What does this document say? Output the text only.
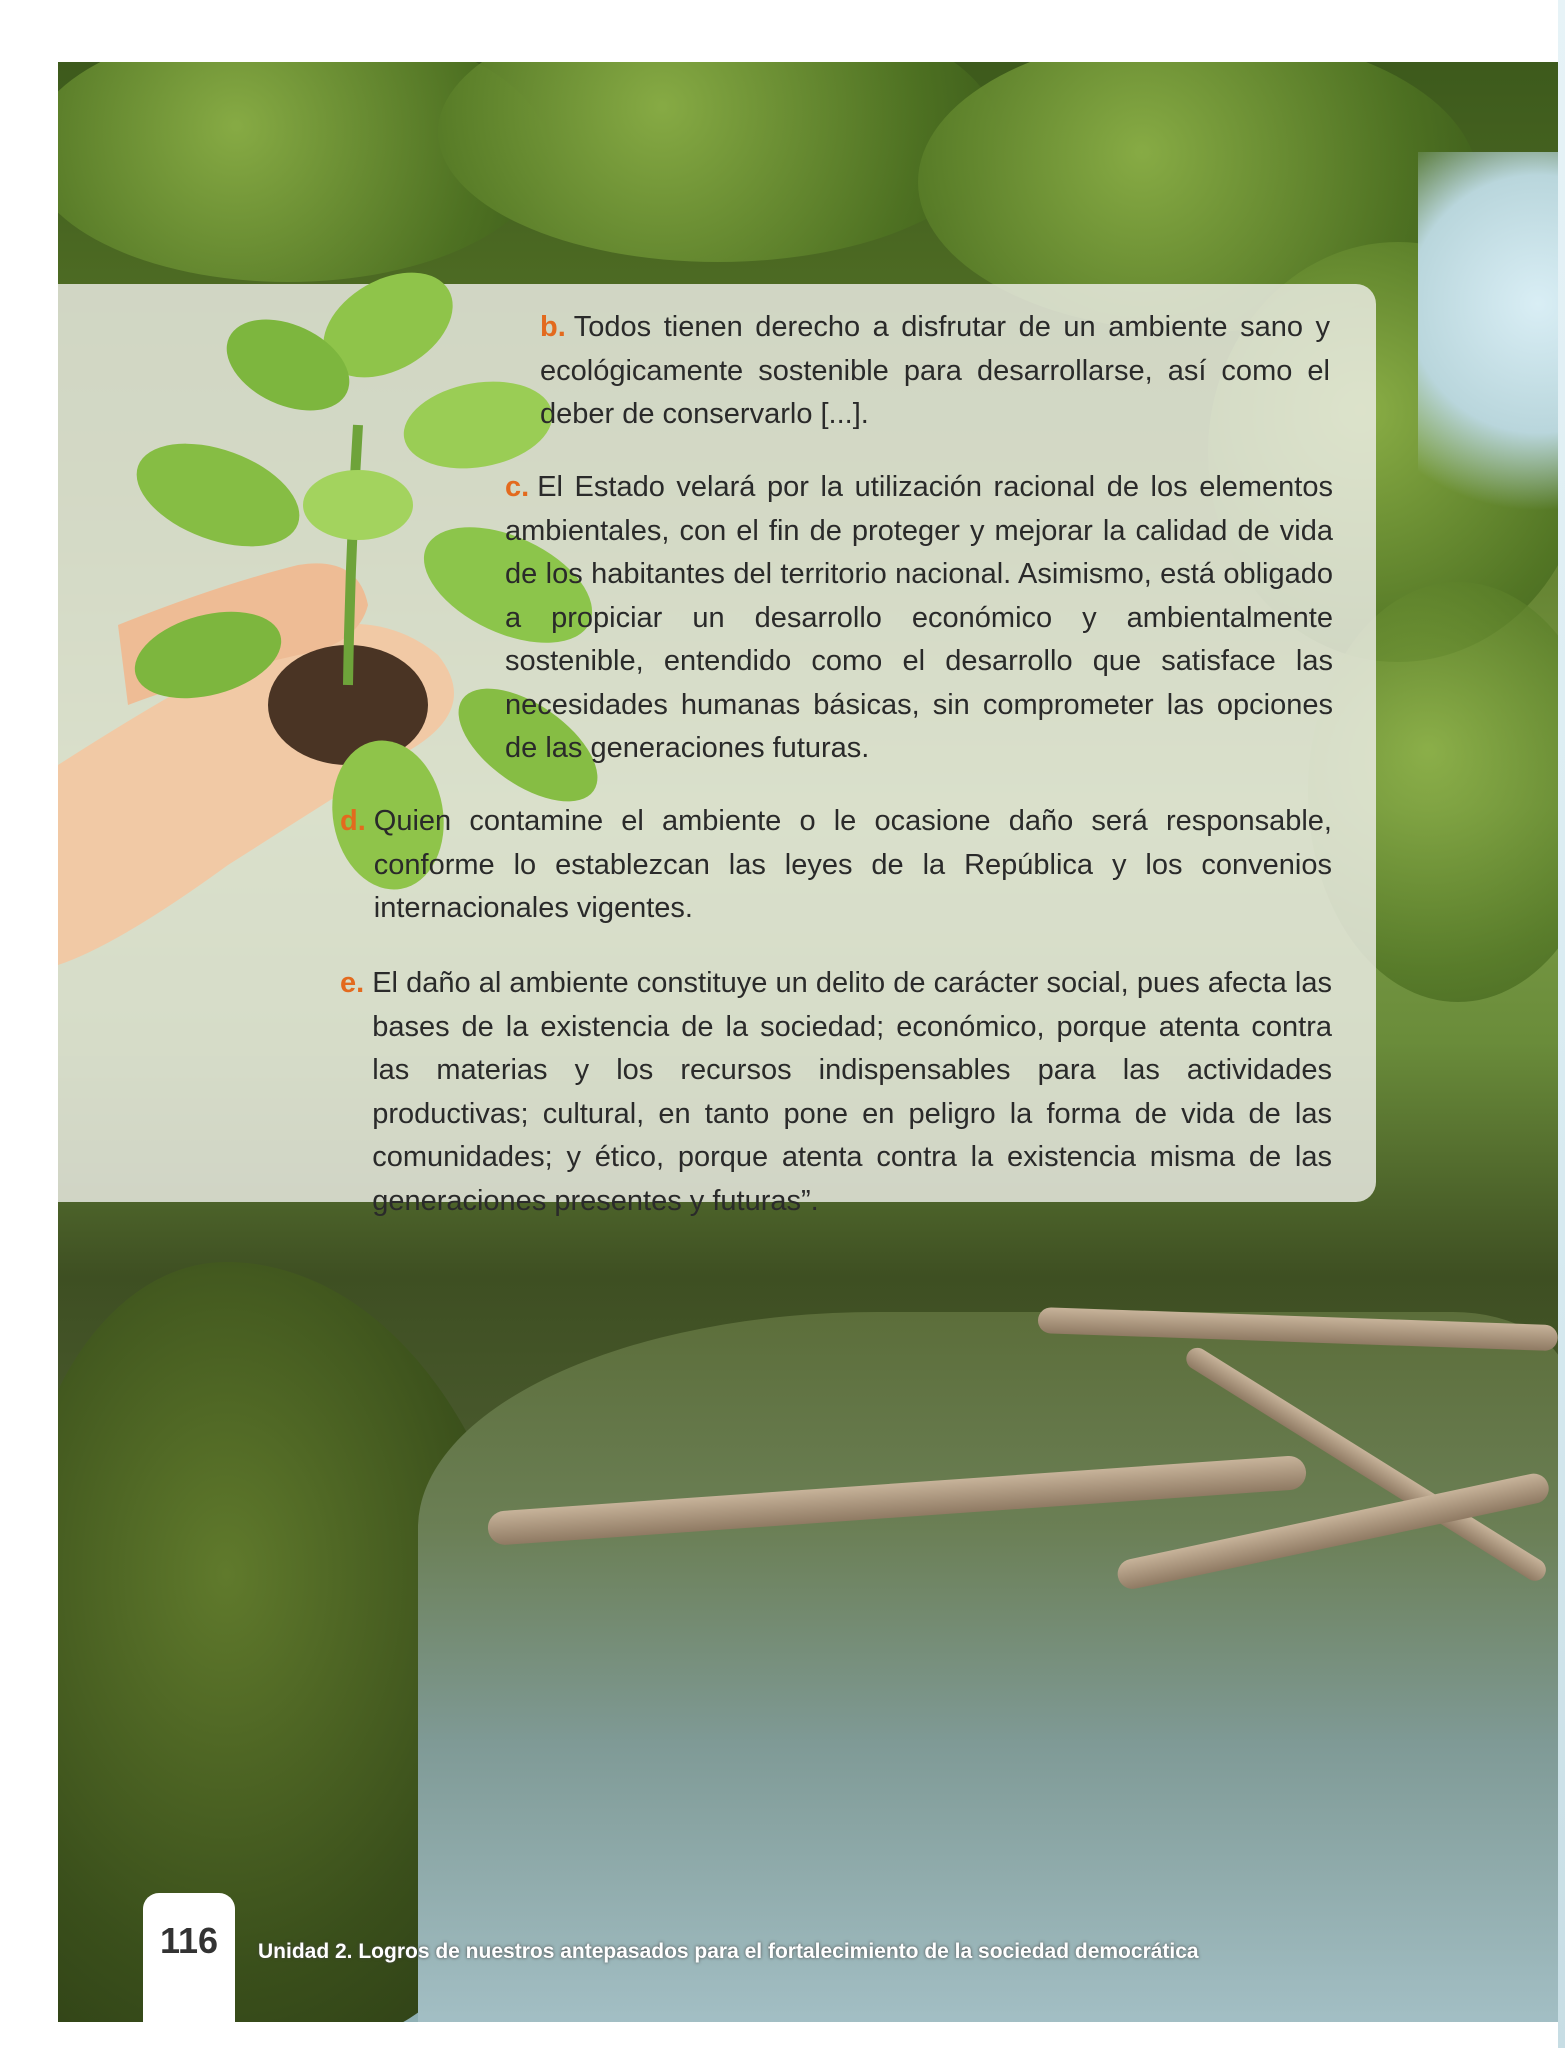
b. Todos tienen derecho a disfrutar de un ambiente sano y ecológicamente sostenible para desarrollarse, así como el deber de conservarlo [...].
c. El Estado velará por la utilización racional de los elementos ambientales, con el fin de proteger y mejorar la calidad de vida de los habitantes del territorio nacional. Asimismo, está obligado a propiciar un desarrollo económico y ambientalmente sostenible, entendido como el desarrollo que satisface las necesidades humanas básicas, sin comprometer las opciones de las generaciones futuras.
d. Quien contamine el ambiente o le ocasione daño será responsable, conforme lo establezcan las leyes de la República y los convenios internacionales vigentes.
e. El daño al ambiente constituye un delito de carácter social, pues afecta las bases de la existencia de la sociedad; económico, porque atenta contra las materias y los recursos indispensables para las actividades productivas; cultural, en tanto pone en peligro la forma de vida de las comunidades; y ético, porque atenta contra la existencia misma de las generaciones presentes y futuras”.
116	Unidad 2. Logros de nuestros antepasados para el fortalecimiento de la sociedad democrática
